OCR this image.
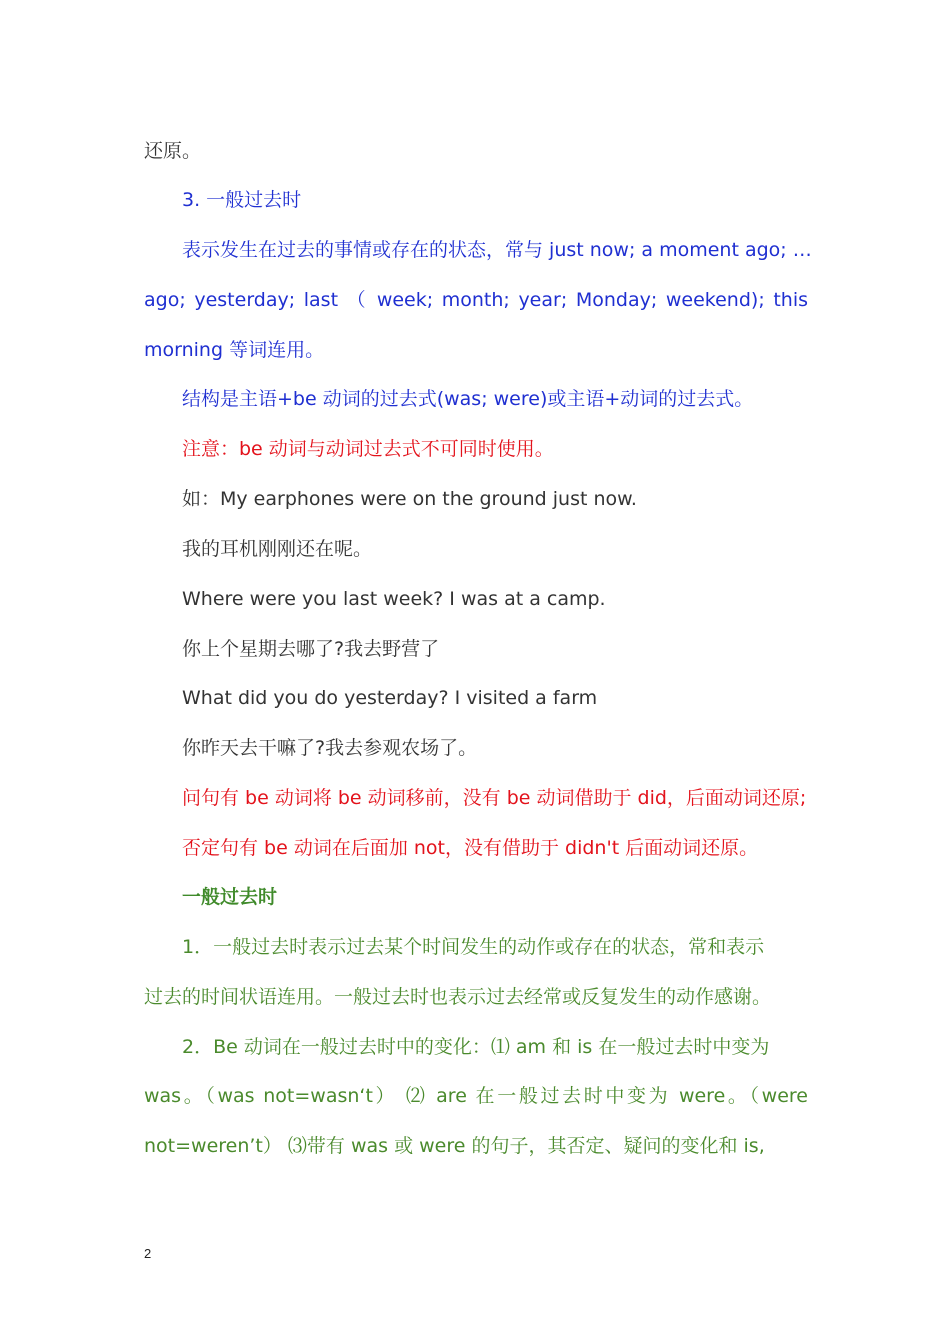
还原。
3. 一般过去时
表示发生在过去的事情或存在的状态，常与 just now; a moment ago; …
ago; yesterday; last （ week; month; year; Monday; weekend); this
morning 等词连用。
结构是主语+be 动词的过去式(was; were)或主语+动词的过去式。
注意：be 动词与动词过去式不可同时使用。
如：My earphones were on the ground just now.
我的耳机刚刚还在呢。
Where were you last week? I was at a camp.
你上个星期去哪了?我去野营了
What did you do yesterday? I visited a farm
你昨天去干嘛了?我去参观农场了。
问句有 be 动词将 be 动词移前，没有 be 动词借助于 did，后面动词还原;
否定句有 be 动词在后面加 not，没有借助于 didn't 后面动词还原。
一般过去时
1．一般过去时表示过去某个时间发生的动作或存在的状态，常和表示
过去的时间状语连用。一般过去时也表示过去经常或反复发生的动作感谢。
2．Be 动词在一般过去时中的变化：⑴ am 和 is 在一般过去时中变为
was。（was not=wasn‘t） ⑵ are 在一般过去时中变为 were。（were
not=weren’t） ⑶带有 was 或 were 的句子，其否定、疑问的变化和 is,
2
